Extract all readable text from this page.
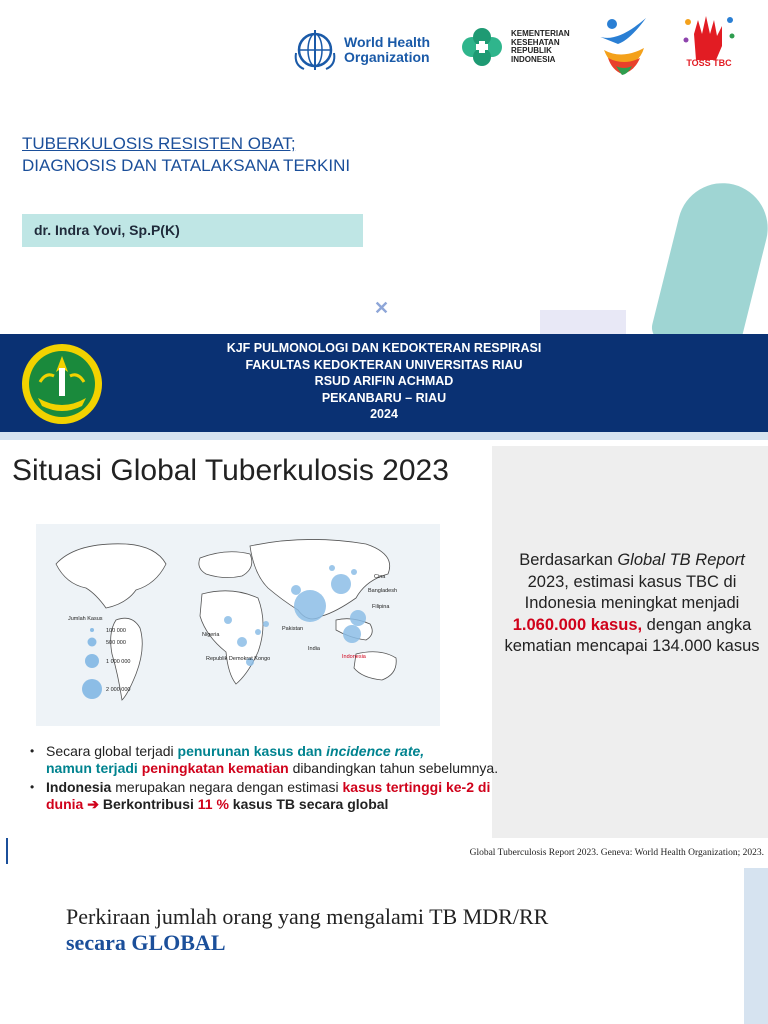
World Health
Organization
KEMENTERIAN
KESEHATAN
REPUBLIK
INDONESIA	TOSS TBC
TUBERKULOSIS RESISTEN OBAT;
DIAGNOSIS DAN TATALAKSANA TERKINI
dr. Indra Yovi, Sp.P(K)
✕
KJF PULMONOLOGI DAN KEDOKTERAN RESPIRASI
FAKULTAS KEDOKTERAN UNIVERSITAS RIAU
RSUD ARIFIN ACHMAD
PEKANBARU – RIAU
2024
Situasi Global Tuberkulosis 2023
Jumlah Kasus
100 000
500 000
1 000 000
2 000 000
Cina
Bangladesh
Filipina
Pakistan
India
Nigeria
Republik Demokrat Kongo	Indonesia
Berdasarkan Global TB Report 2023, estimasi kasus TBC di Indonesia meningkat menjadi 1.060.000 kasus, dengan angka kematian mencapai 134.000 kasus
• Secara global terjadi penurunan kasus dan incidence rate,
namun terjadi peningkatan kematian dibandingkan tahun sebelumnya.
• Indonesia merupakan negara dengan estimasi kasus tertinggi ke-2 di dunia ➔ Berkontribusi 11 % kasus TB secara global
Global Tuberculosis Report 2023. Geneva: World Health Organization; 2023.
Perkiraan jumlah orang yang mengalami TB MDR/RR
secara GLOBAL
